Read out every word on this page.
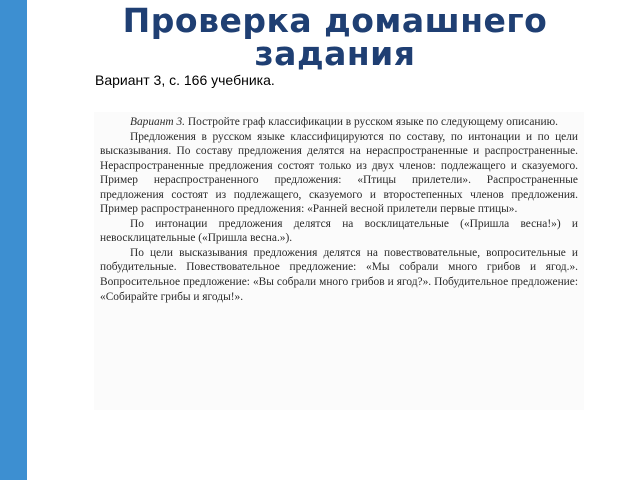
Проверка домашнего
задания

Вариант 3, с. 166 учебника.

Вариант 3. Постройте граф классификации в русском языке по следующему описанию.

Предложения в русском языке классифицируются по составу, по интонации и по цели высказывания. По составу предложения делятся на нераспространенные и распространенные. Нераспространенные предложения состоят только из двух членов: подлежащего и сказуемого. Пример нераспространенного предложения: «Птицы прилетели». Распространенные предложения состоят из подлежащего, сказуемого и второстепенных членов предложения. Пример распространенного предложения: «Ранней весной прилетели первые птицы».

По интонации предложения делятся на восклицательные («Пришла весна!») и невосклицательные («Пришла весна.»).

По цели высказывания предложения делятся на повествовательные, вопросительные и побудительные. Повествовательное предложение: «Мы собрали много грибов и ягод.». Вопросительное предложение: «Вы собрали много грибов и ягод?». Побудительное предложение: «Собирайте грибы и ягоды!».
